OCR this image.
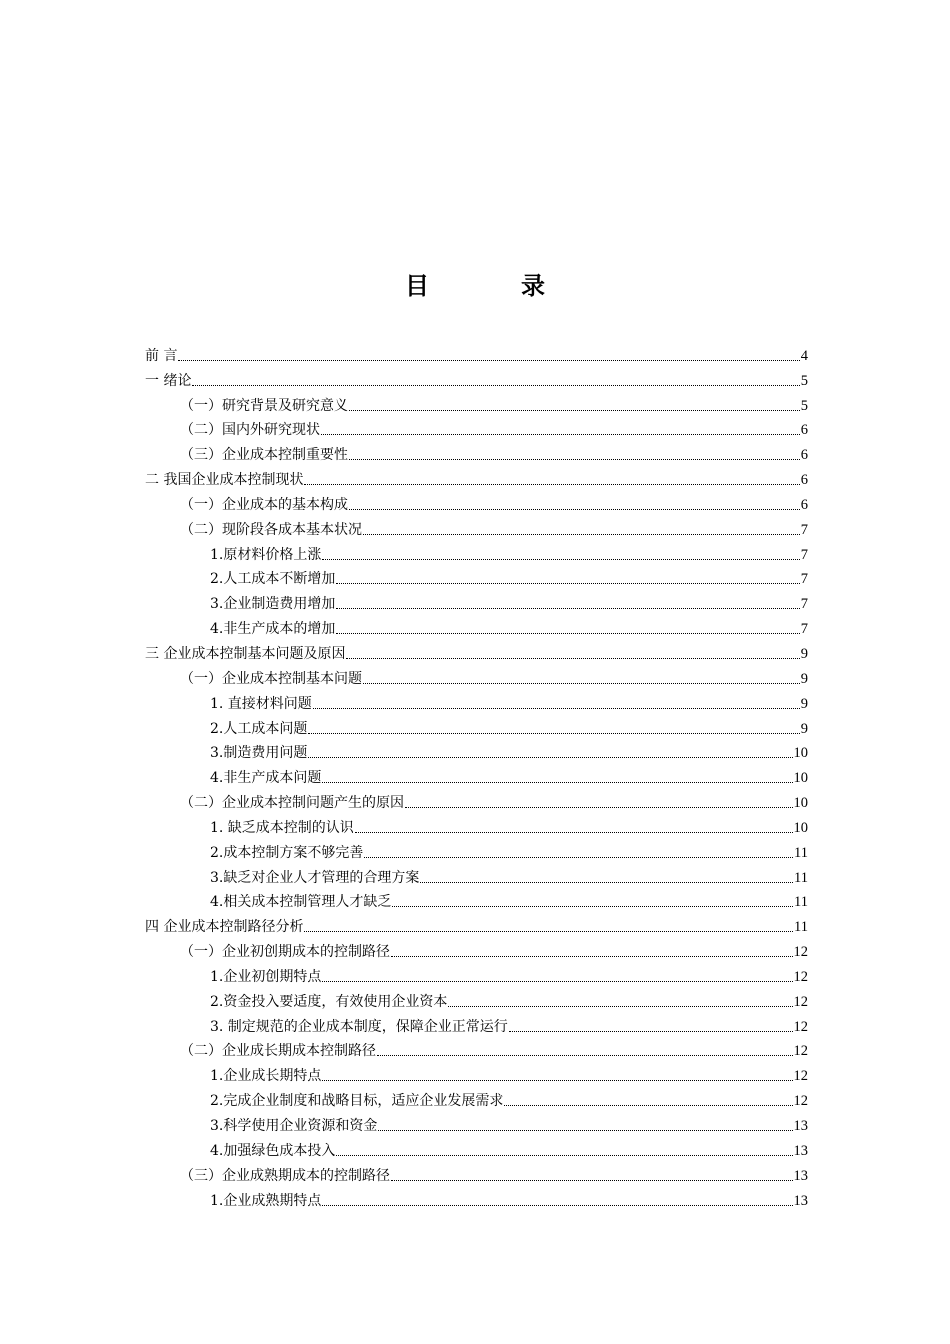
目　录
前 言	4
一 绪论	5
（一）研究背景及研究意义	5
（二）国内外研究现状	6
（三）企业成本控制重要性	6
二 我国企业成本控制现状	6
（一）企业成本的基本构成	6
（二）现阶段各成本基本状况	7
1.原材料价格上涨	7
2.人工成本不断增加	7
3.企业制造费用增加	7
4.非生产成本的增加	7
三 企业成本控制基本问题及原因	9
（一）企业成本控制基本问题	9
1. 直接材料问题	9
2.人工成本问题	9
3.制造费用问题	10
4.非生产成本问题	10
（二）企业成本控制问题产生的原因	10
1. 缺乏成本控制的认识	10
2.成本控制方案不够完善	11
3.缺乏对企业人才管理的合理方案	11
4.相关成本控制管理人才缺乏	11
四 企业成本控制路径分析	11
（一）企业初创期成本的控制路径	12
1.企业初创期特点	12
2.资金投入要适度，有效使用企业资本	12
3. 制定规范的企业成本制度，保障企业正常运行	12
（二）企业成长期成本控制路径	12
1.企业成长期特点	12
2.完成企业制度和战略目标，适应企业发展需求	12
3.科学使用企业资源和资金	13
4.加强绿色成本投入	13
（三）企业成熟期成本的控制路径	13
1.企业成熟期特点	13
